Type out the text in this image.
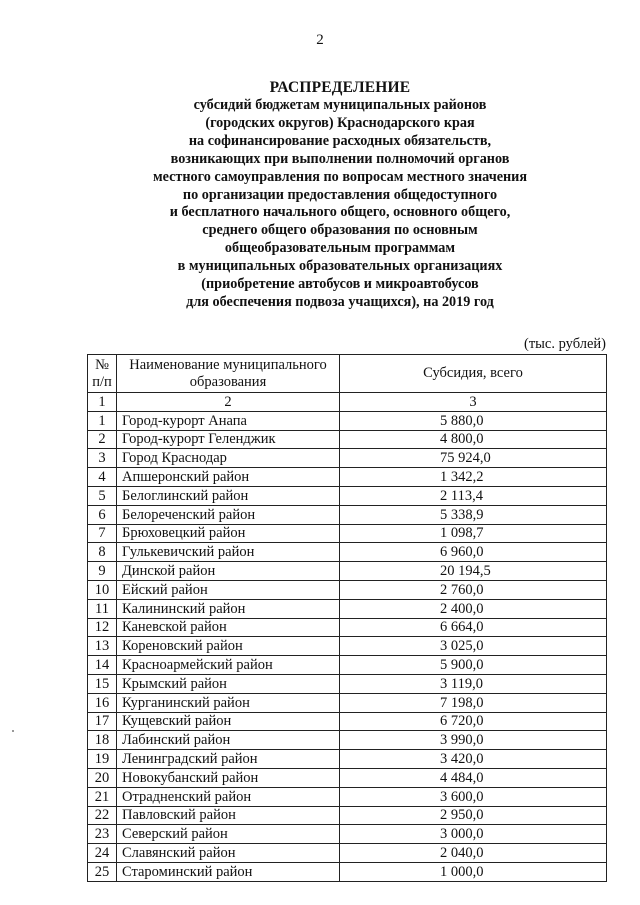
2
РАСПРЕДЕЛЕНИЕ
субсидий бюджетам муниципальных районов
(городских округов) Краснодарского края
на софинансирование расходных обязательств,
возникающих при выполнении полномочий органов
местного самоуправления по вопросам местного значения
по организации предоставления общедоступного
и бесплатного начального общего, основного общего,
среднего общего образования по основным
общеобразовательным программам
в муниципальных образовательных организациях
(приобретение автобусов и микроавтобусов
для обеспечения подвоза учащихся), на 2019 год
(тыс. рублей)
№ п/п	Наименование муниципального образования	Субсидия, всего
1	2	3
1	Город-курорт Анапа	5 880,0
2	Город-курорт Геленджик	4 800,0
3	Город Краснодар	75 924,0
4	Апшеронский район	1 342,2
5	Белоглинский район	2 113,4
6	Белореченский район	5 338,9
7	Брюховецкий район	1 098,7
8	Гулькевичский район	6 960,0
9	Динской район	20 194,5
10	Ейский район	2 760,0
11	Калининский район	2 400,0
12	Каневской район	6 664,0
13	Кореновский район	3 025,0
14	Красноармейский район	5 900,0
15	Крымский район	3 119,0
16	Курганинский район	7 198,0
17	Кущевский район	6 720,0
18	Лабинский район	3 990,0
19	Ленинградский район	3 420,0
20	Новокубанский район	4 484,0
21	Отрадненский район	3 600,0
22	Павловский район	2 950,0
23	Северский район	3 000,0
24	Славянский район	2 040,0
25	Староминский район	1 000,0
